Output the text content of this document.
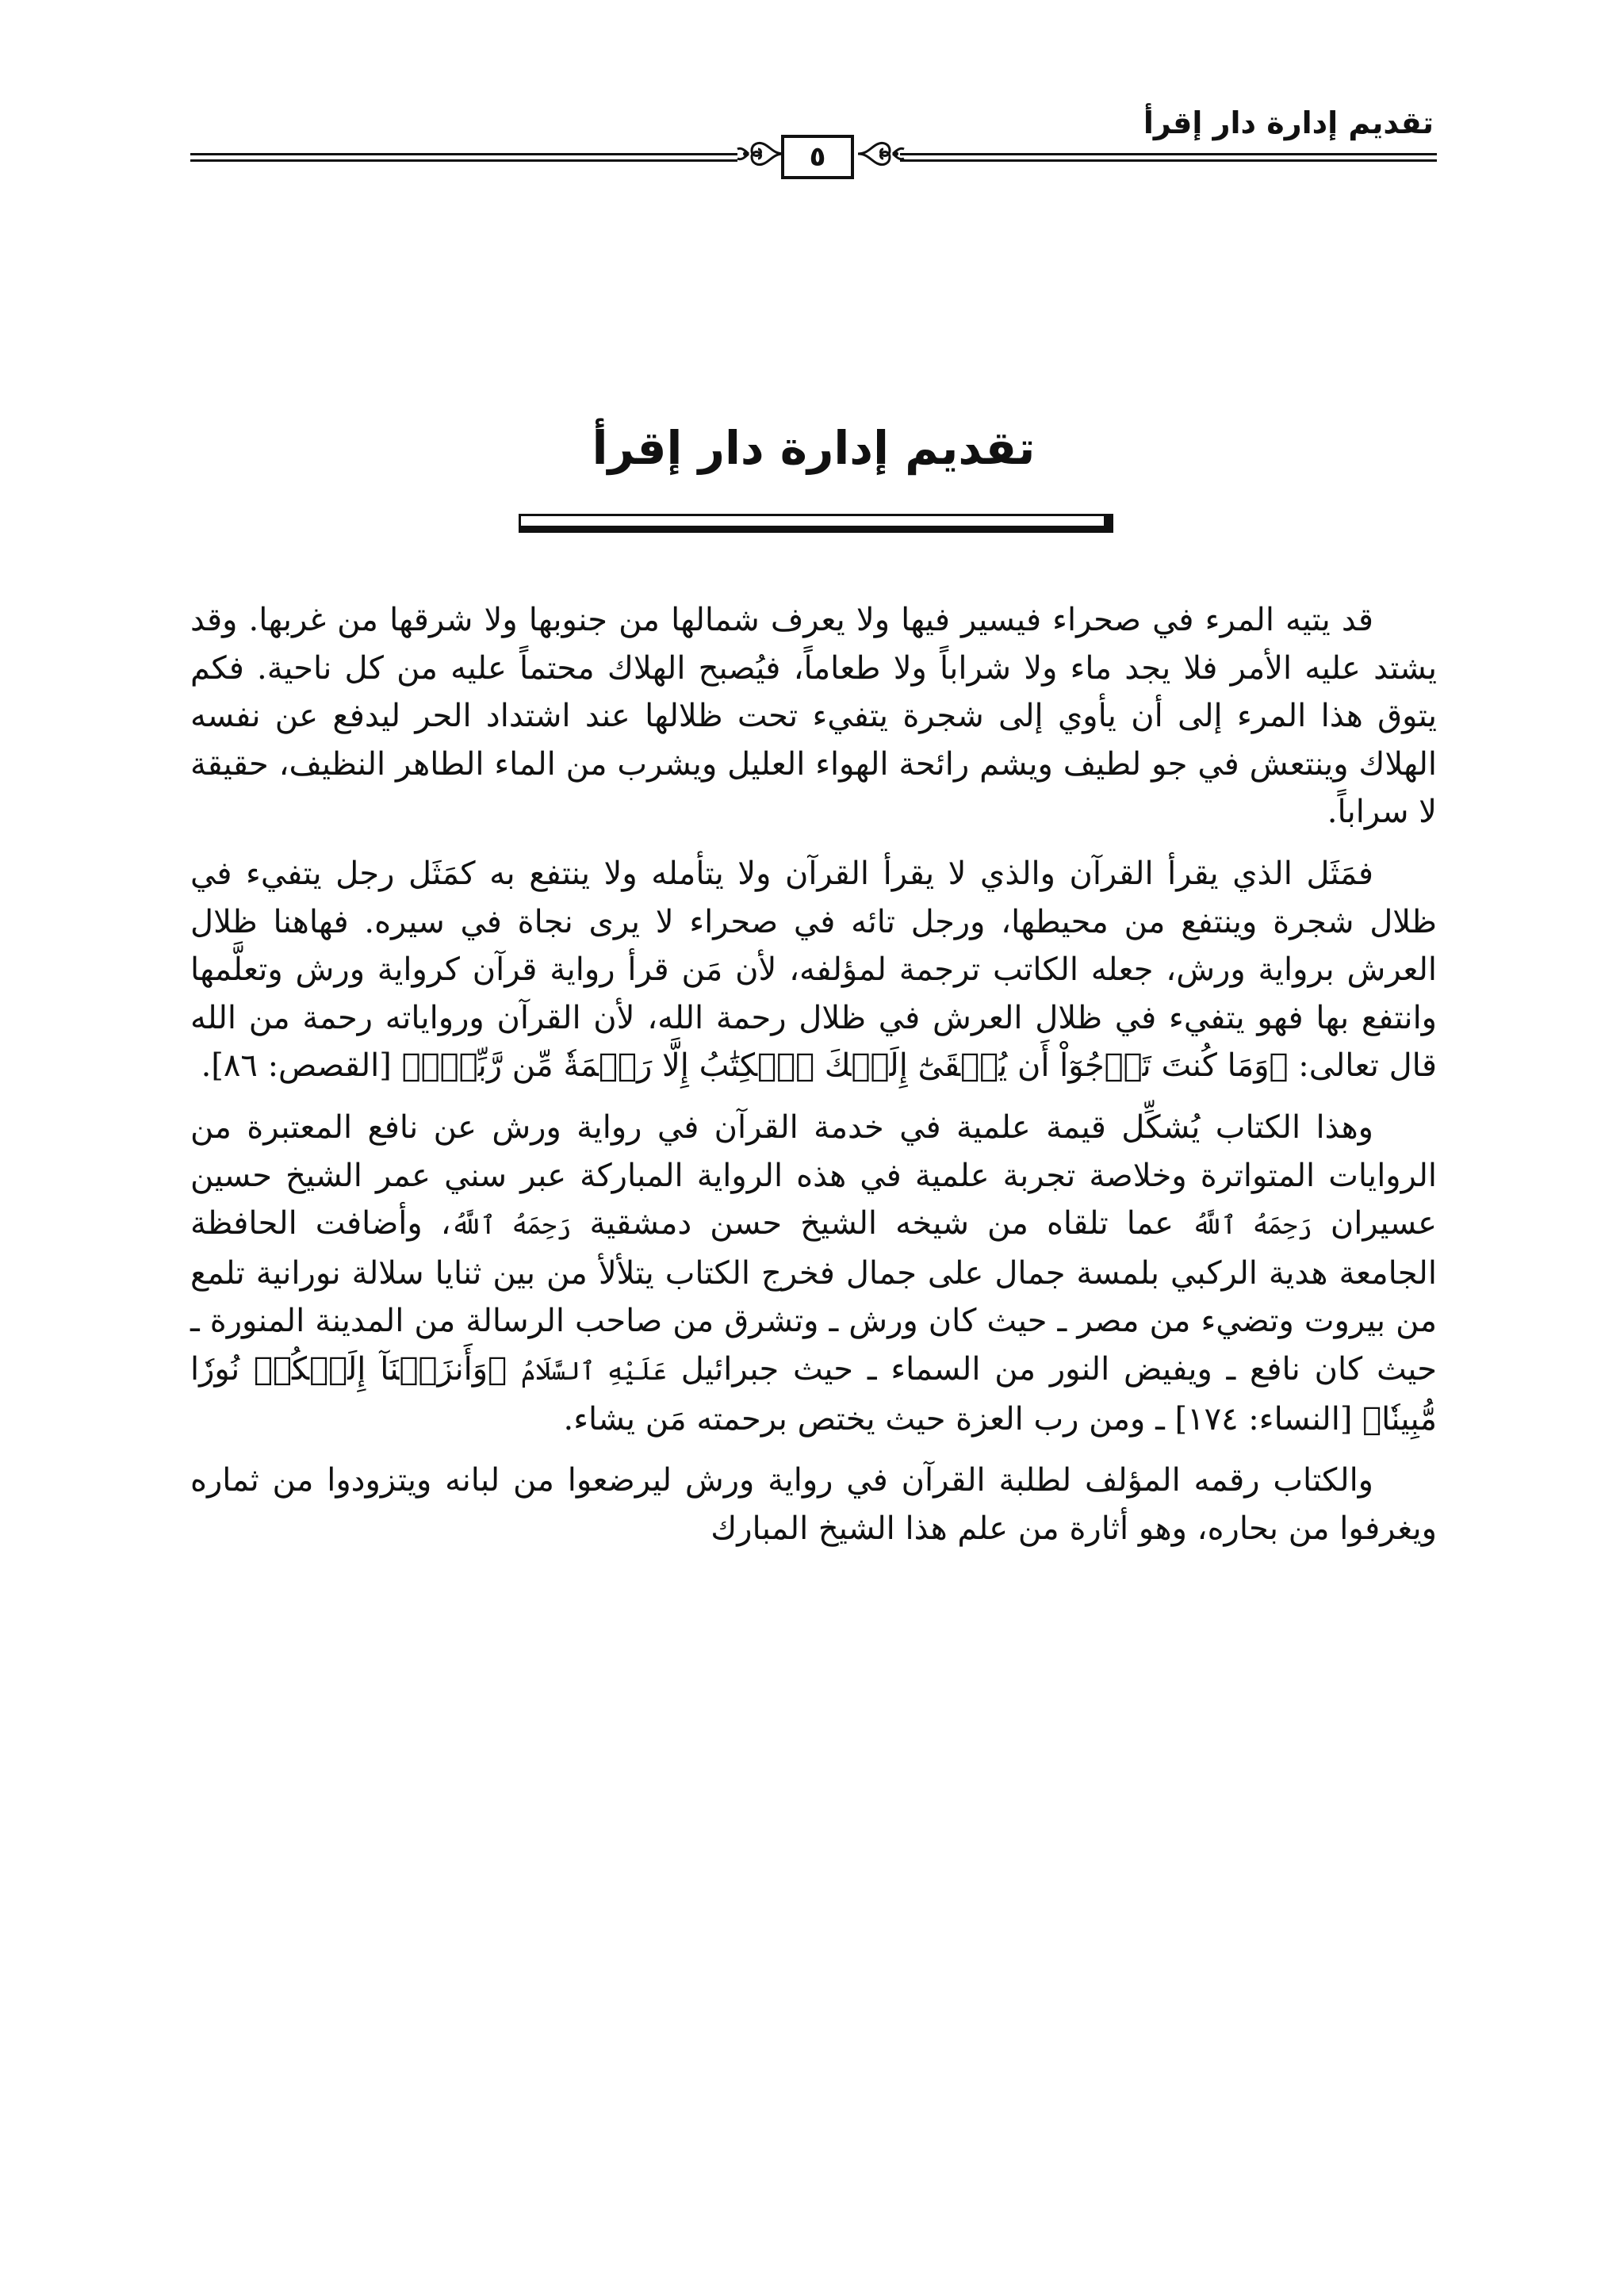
تقديم إدارة دار إقرأ
٥
تقديم إدارة دار إقرأ

قد يتيه المرء في صحراء فيسير فيها ولا يعرف شمالها من جنوبها ولا شرقها من غربها. وقد يشتد عليه الأمر فلا يجد ماء ولا شراباً ولا طعاماً، فيُصبح الهلاك محتماً عليه من كل ناحية. فكم يتوق هذا المرء إلى أن يأوي إلى شجرة يتفيء تحت ظلالها عند اشتداد الحر ليدفع عن نفسه الهلاك وينتعش في جو لطيف ويشم رائحة الهواء العليل ويشرب من الماء الطاهر النظيف، حقيقة لا سراباً.

فمَثَل الذي يقرأ القرآن والذي لا يقرأ القرآن ولا يتأمله ولا ينتفع به كمَثَل رجل يتفيء في ظلال شجرة وينتفع من محيطها، ورجل تائه في صحراء لا يرى نجاة في سيره. فهاهنا ظلال العرش برواية ورش، جعله الكاتب ترجمة لمؤلفه، لأن مَن قرأ رواية قرآن كرواية ورش وتعلَّمها وانتفع بها فهو يتفيء في ظلال العرش في ظلال رحمة الله، لأن القرآن ورواياته رحمة من الله قال تعالى: ﴿وَمَا كُنتَ تَرۡجُوٓاْ أَن يُلۡقَىٰٓ إِلَيۡكَ ٱلۡكِتَٰبُ إِلَّا رَحۡمَةٗ مِّن رَّبِّكَۖ﴾ [القصص: ٨٦].

وهذا الكتاب يُشكِّل قيمة علمية في خدمة القرآن في رواية ورش عن نافع المعتبرة من الروايات المتواترة وخلاصة تجربة علمية في هذه الرواية المباركة عبر سني عمر الشيخ حسين عسيران رَحِمَهُ ٱللَّهُ عما تلقاه من شيخه الشيخ حسن دمشقية رَحِمَهُ ٱللَّهُ، وأضافت الحافظة الجامعة هدية الركبي بلمسة جمال على جمال فخرج الكتاب يتلألأ من بين ثنايا سلالة نورانية تلمع من بيروت وتضيء من مصر ـ حيث كان ورش ـ وتشرق من صاحب الرسالة من المدينة المنورة ـ حيث كان نافع ـ ويفيض النور من السماء ـ حيث جبرائيل عَلَيْهِ ٱلسَّلَامُ ﴿وَأَنزَلۡنَآ إِلَيۡكُمۡ نُورٗا مُّبِينٗا﴾ [النساء: ١٧٤] ـ ومن رب العزة حيث يختص برحمته مَن يشاء.

والكتاب رقمه المؤلف لطلبة القرآن في رواية ورش ليرضعوا من لبانه ويتزودوا من ثماره ويغرفوا من بحاره، وهو أثارة من علم هذا الشيخ المبارك
